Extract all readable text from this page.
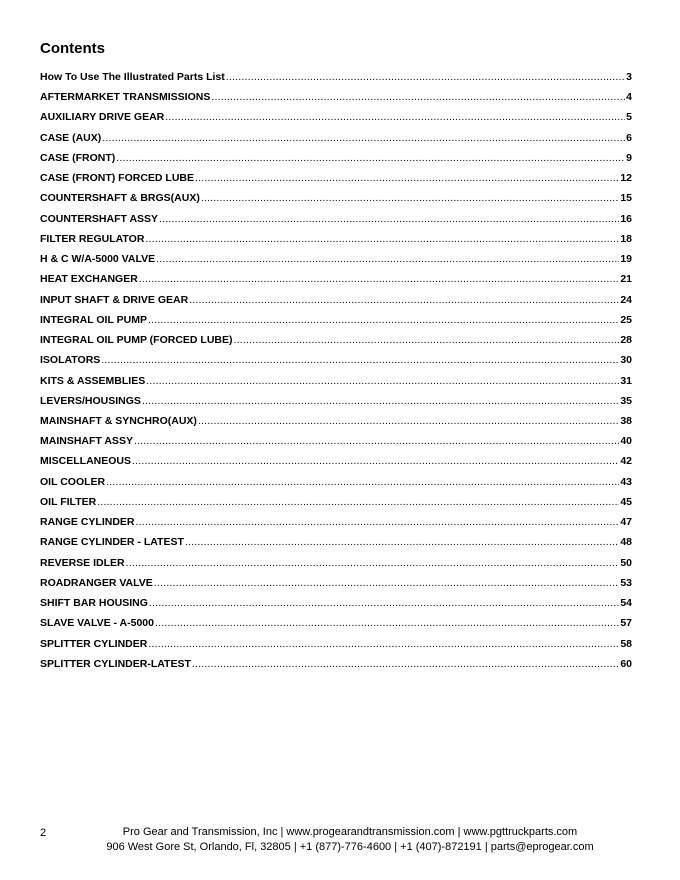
Contents
How To Use The Illustrated Parts List .....	3
AFTERMARKET TRANSMISSIONS .....	4
AUXILIARY DRIVE GEAR .....	5
CASE (AUX) .....	6
CASE (FRONT) .....	9
CASE (FRONT) FORCED LUBE .....	12
COUNTERSHAFT & BRGS(AUX) .....	15
COUNTERSHAFT ASSY .....	16
FILTER REGULATOR .....	18
H & C W/A-5000 VALVE .....	19
HEAT EXCHANGER .....	21
INPUT SHAFT & DRIVE GEAR .....	24
INTEGRAL OIL PUMP .....	25
INTEGRAL OIL PUMP (FORCED LUBE) .....	28
ISOLATORS .....	30
KITS & ASSEMBLIES .....	31
LEVERS/HOUSINGS .....	35
MAINSHAFT & SYNCHRO(AUX) .....	38
MAINSHAFT ASSY .....	40
MISCELLANEOUS .....	42
OIL COOLER .....	43
OIL FILTER .....	45
RANGE CYLINDER .....	47
RANGE CYLINDER - LATEST .....	48
REVERSE IDLER .....	50
ROADRANGER VALVE .....	53
SHIFT BAR HOUSING .....	54
SLAVE VALVE - A-5000 .....	57
SPLITTER CYLINDER .....	58
SPLITTER CYLINDER-LATEST .....	60
2	Pro Gear and Transmission, Inc | www.progearandtransmission.com | www.pgttruckparts.com
906 West Gore St, Orlando, Fl, 32805 | +1 (877)-776-4600 | +1 (407)-872191 | parts@eprogear.com
